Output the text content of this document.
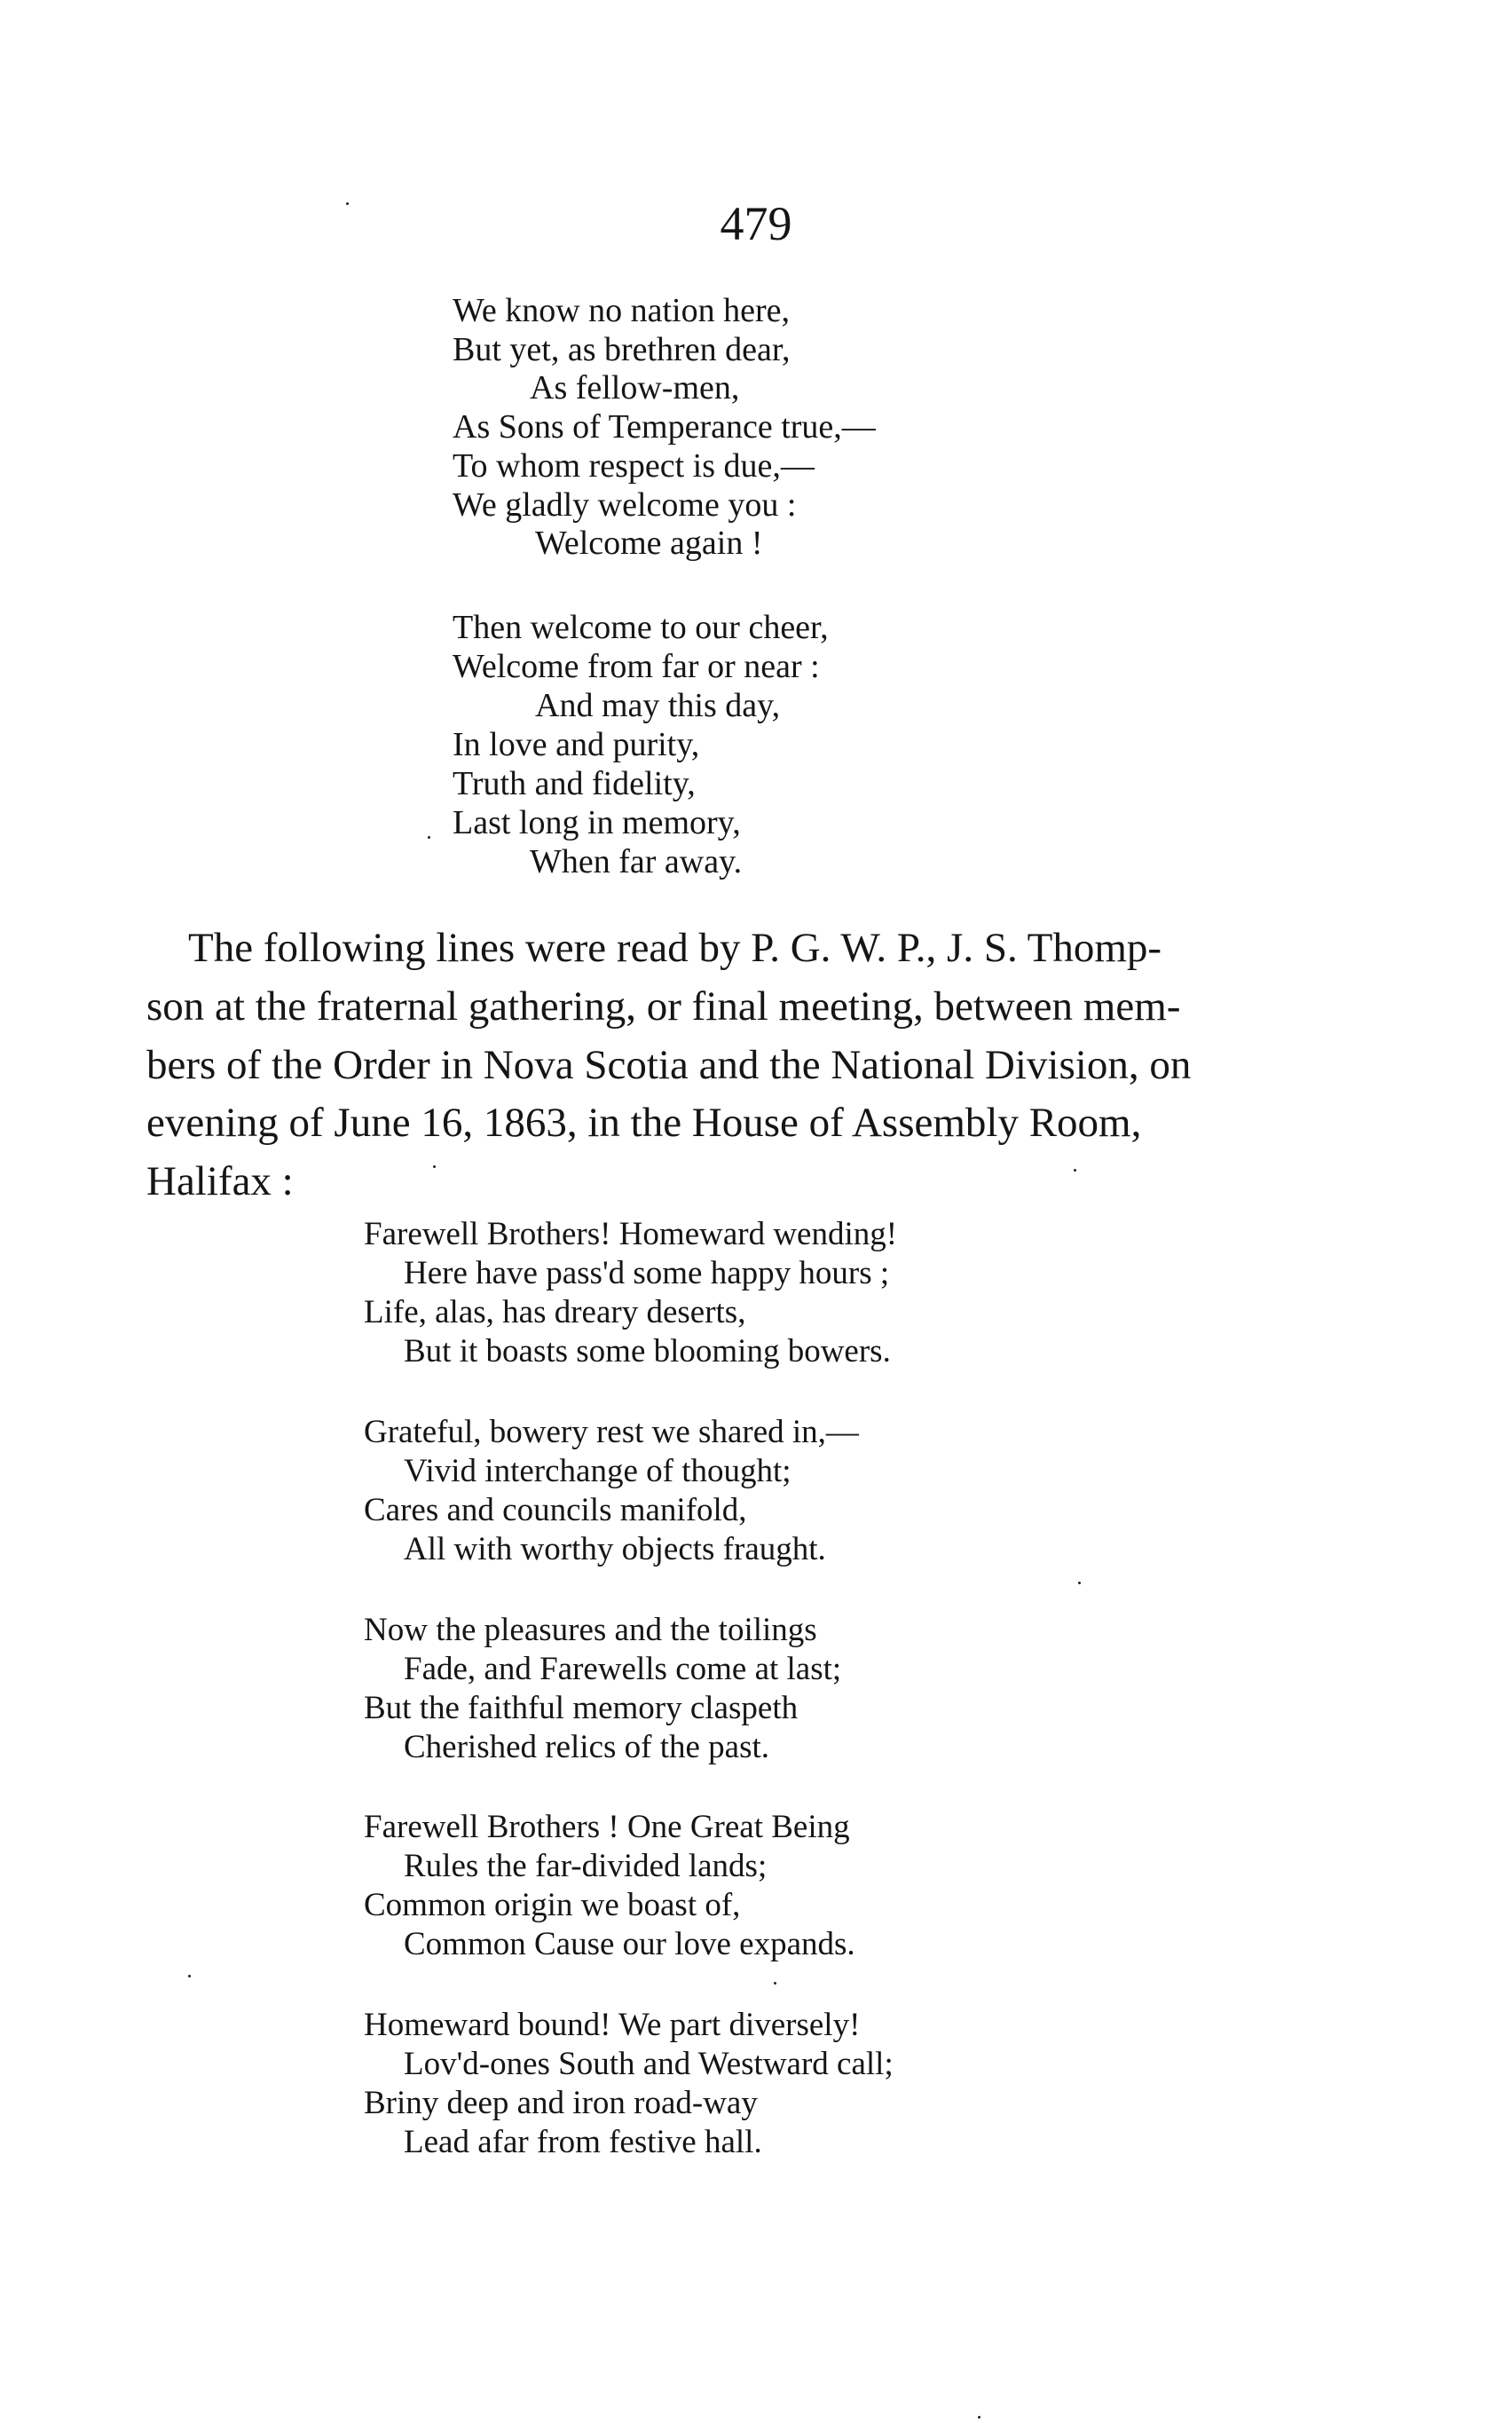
479
We know no nation here,
But yet, as brethren dear,
As fellow-men,
As Sons of Temperance true,—
To whom respect is due,—
We gladly welcome you :
Welcome again !
Then welcome to our cheer,
Welcome from far or near :
And may this day,
In love and purity,
Truth and fidelity,
Last long in memory,
When far away.
The following lines were read by P. G. W. P., J. S. Thomp-
son at the fraternal gathering, or final meeting, between mem-
bers of the Order in Nova Scotia and the National Division, on
evening of June 16, 1863, in the House of Assembly Room,
Halifax :
Farewell Brothers! Homeward wending!
Here have pass'd some happy hours ;
Life, alas, has dreary deserts,
But it boasts some blooming bowers.
Grateful, bowery rest we shared in,—
Vivid interchange of thought;
Cares and councils manifold,
All with worthy objects fraught.
Now the pleasures and the toilings
Fade, and Farewells come at last;
But the faithful memory claspeth
Cherished relics of the past.
Farewell Brothers ! One Great Being
Rules the far-divided lands;
Common origin we boast of,
Common Cause our love expands.
Homeward bound! We part diversely!
Lov'd-ones South and Westward call;
Briny deep and iron road-way
Lead afar from festive hall.
